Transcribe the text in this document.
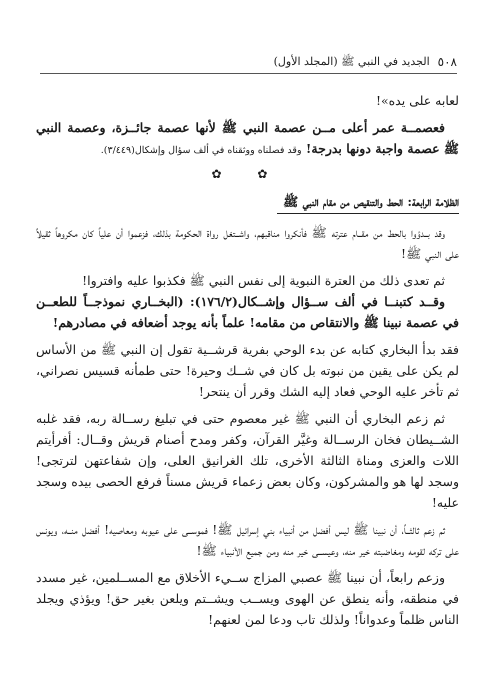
٥٠٨
الجديد في النبي ﷺ (المجلد الأول)

لعابه على يده»!

فعصمــة عمر أعلى مــن عصمة النبي ﷺ لأنها عصمة جائــزة، وعصمة النبي ﷺ عصمة واجبة دونها بدرجة! وقد فصلناه ووثقناه في ألف سؤال وإشكال(٣/٤٤٩).

✿ ✿
الظلامة الرابعة: الحط والتنقيص من مقام النبي ﷺ

وقد بــدؤوا بالحط من مقــام عترته ﷺ فأنكروا مناقبهم، واشــتغل رواة الحكومة بذلك، فزعموا أن علياً كان مكروهاً ثقيلاً على النبي ﷺ!

ثم تعدى ذلك من العترة النبوية إلى نفس النبي ﷺ فكذبوا عليه وافتروا!

وقــد كتبنــا في ألف ســؤال وإشــكال(١٧٦/٢): (البخــاري نموذجــاً للطعــن في عصمة نبينا ﷺ والانتقاص من مقامه! علماً بأنه يوجد أضعافه في مصادرهم!

فقد بدأ البخاري كتابه عن بدء الوحي بفرية قرشــية تقول إن النبي ﷺ من الأساس لم يكن على يقين من نبوته بل كان في شــك وحيرة! حتى طمأنه قسيس نصراني، ثم تأخر عليه الوحي فعاد إليه الشك وقرر أن ينتحر!

ثم زعم البخاري أن النبي ﷺ غير معصوم حتى في تبليغ رســالة ربه، فقد غلبه الشــيطان فخان الرســالة وغيَّر القرآن، وكفر ومدح أصنام قريش وقــال: أفرأيتم اللات والعزى ومناة الثالثة الأخرى، تلك الغرانيق العلى، وإن شفاعتهن لترتجى! وسجد لها هو والمشركون، وكان بعض زعماء قريش مسناً فرفع الحصى بيده وسجد عليه!

ثم زعم ثالثــاً، أن نبينا ﷺ ليس أفضل من أنبياء بني إسرائيل ﷺ! فموســى على عيوبه ومعاصيه! أفضل منــه، ويونس على تركه لقومه ومغاضبته خير منه، وعيســى خير منه ومن جميع الأنبياء ﷺ!

وزعم رابعاً، أن نبينا ﷺ عصبي المزاج ســيء الأخلاق مع المســلمين، غير مسدد في منطقه، وأنه ينطق عن الهوى ويســب ويشــتم ويلعن بغير حق! ويؤذي ويجلد الناس ظلماً وعدواناً! ولذلك تاب ودعا لمن لعنهم!
